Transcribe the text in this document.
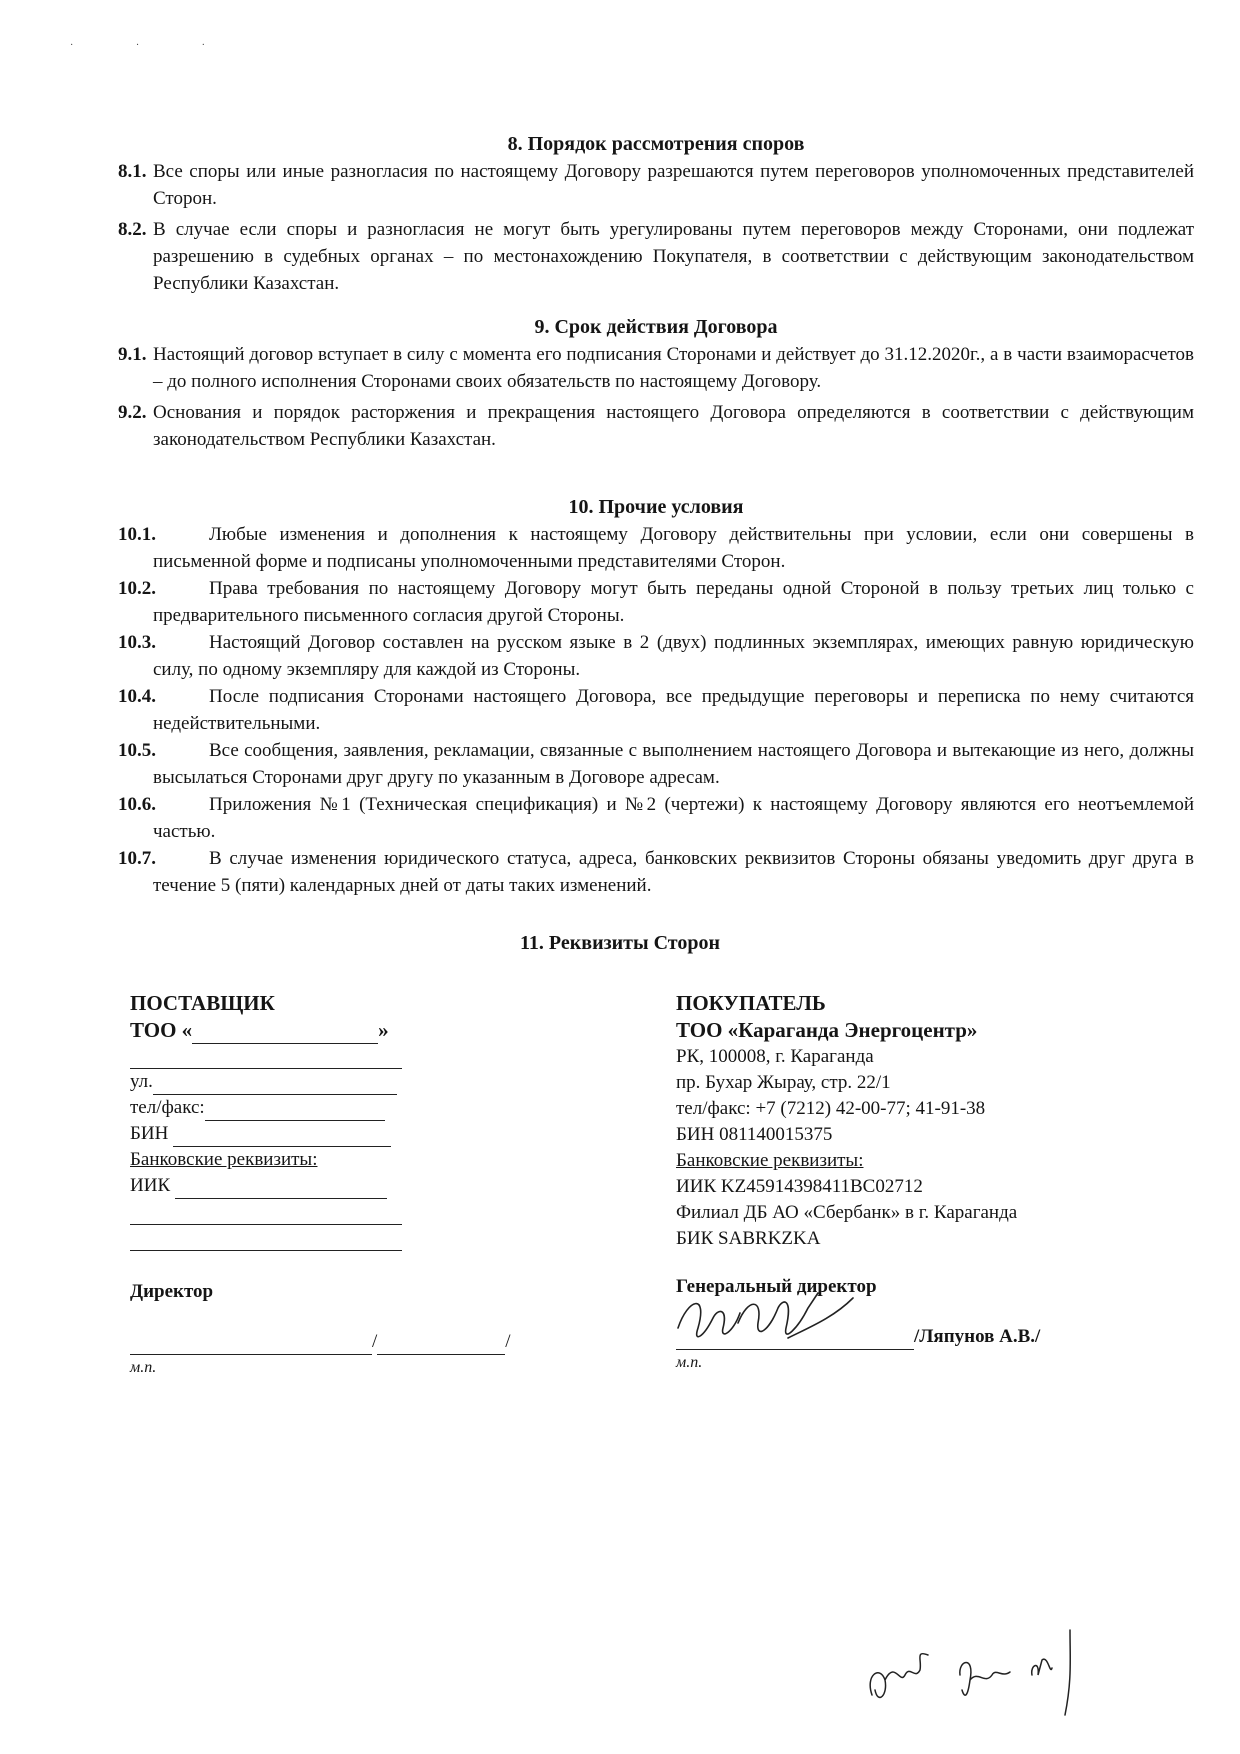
· · ·
8. Порядок рассмотрения споров
8.1. Все споры или иные разногласия по настоящему Договору разрешаются путем переговоров уполномоченных представителей Сторон.
8.2. В случае если споры и разногласия не могут быть урегулированы путем переговоров между Сторонами, они подлежат разрешению в судебных органах – по местонахождению Покупателя, в соответствии с действующим законодательством Республики Казахстан.
9. Срок действия Договора
9.1. Настоящий договор вступает в силу с момента его подписания Сторонами и действует до 31.12.2020г., а в части взаиморасчетов – до полного исполнения Сторонами своих обязательств по настоящему Договору.
9.2. Основания и порядок расторжения и прекращения настоящего Договора определяются в соответствии с действующим законодательством Республики Казахстан.
10. Прочие условия
10.1.	Любые изменения и дополнения к настоящему Договору действительны при условии, если они совершены в письменной форме и подписаны уполномоченными представителями Сторон.
10.2.	Права требования по настоящему Договору могут быть переданы одной Стороной в пользу третьих лиц только с предварительного письменного согласия другой Стороны.
10.3.	Настоящий Договор составлен на русском языке в 2 (двух) подлинных экземплярах, имеющих равную юридическую силу, по одному экземпляру для каждой из Стороны.
10.4.	После подписания Сторонами настоящего Договора, все предыдущие переговоры и переписка по нему считаются недействительными.
10.5.	Все сообщения, заявления, рекламации, связанные с выполнением настоящего Договора и вытекающие из него, должны высылаться Сторонами друг другу по указанным в Договоре адресам.
10.6.	Приложения №1 (Техническая спецификация) и №2 (чертежи) к настоящему Договору являются его неотъемлемой частью.
10.7.	В случае изменения юридического статуса, адреса, банковских реквизитов Стороны обязаны уведомить друг друга в течение 5 (пяти) календарных дней от даты таких изменений.
11. Реквизиты Сторон
ПОСТАВЩИК
ТОО «	»
ул.
тел/факс:
БИН
Банковские реквизиты:
ИИК
Директор
/	/
м.п.
ПОКУПАТЕЛЬ
ТОО «Караганда Энергоцентр»
РК, 100008, г. Караганда
пр. Бухар Жырау, стр. 22/1
тел/факс: +7 (7212) 42-00-77; 41-91-38
БИН 081140015375
Банковские реквизиты:
ИИК KZ45914398411BC02712
Филиал ДБ АО «Сбербанк» в г. Караганда
БИК SABRKZKA
Генеральный директор
/Ляпунов А.В./
м.п.
